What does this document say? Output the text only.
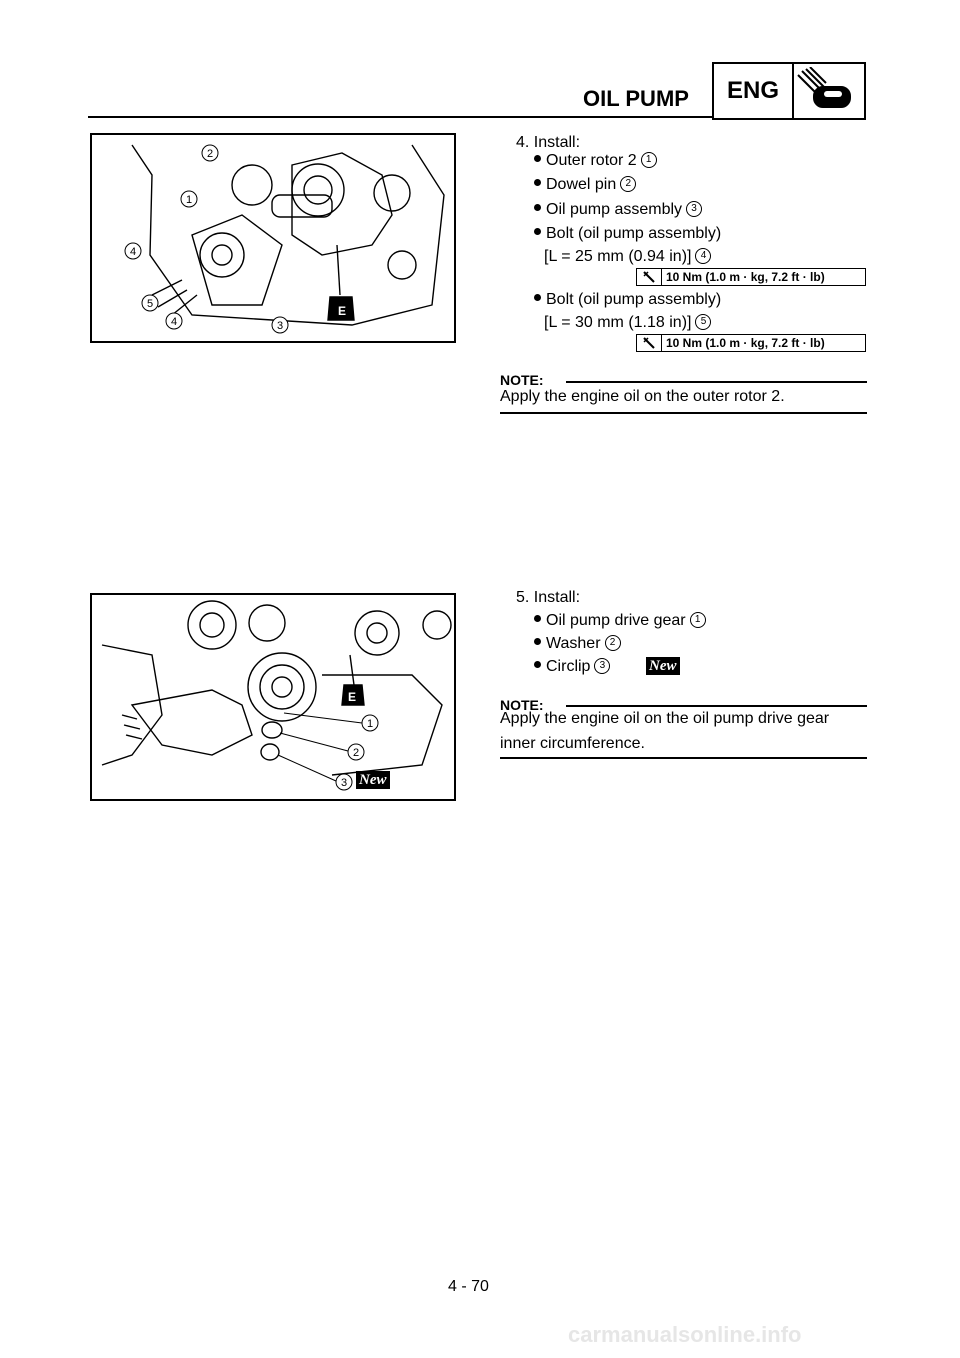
OIL PUMP	ENG
E
2
1
4
5
4	3
4. Install:
Outer rotor 2 1
Dowel pin 2
Oil pump assembly 3
Bolt (oil pump assembly)
[L = 25 mm (0.94 in)] 4
10 Nm (1.0 m · kg, 7.2 ft · lb)
Bolt (oil pump assembly)
[L = 30 mm (1.18 in)] 5
10 Nm (1.0 m · kg, 7.2 ft · lb)
NOTE:
Apply the engine oil on the outer rotor 2.
E
1
2
3 New
5. Install:
Oil pump drive gear 1
Washer 2
Circlip 3	New
NOTE:
Apply the engine oil on the oil pump drive gear
inner circumference.
4 - 70
carmanualsonline.info
